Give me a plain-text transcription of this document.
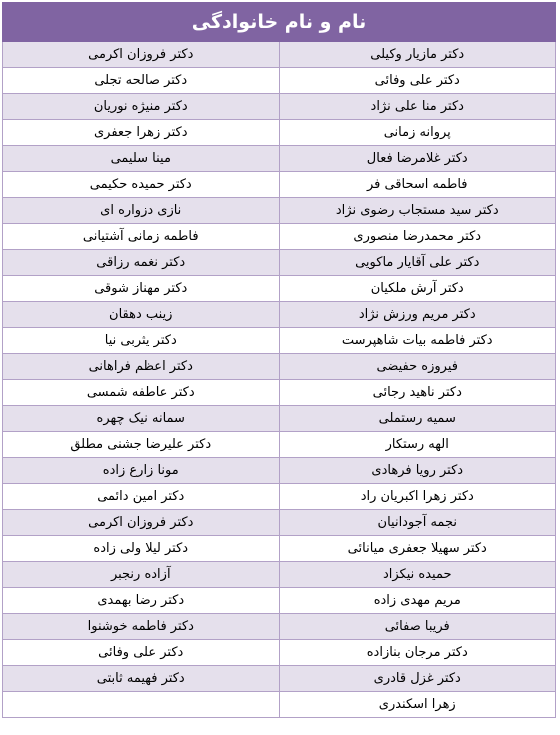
نام و نام خانوادگی	
دکتر مازیار وکیلی	دکتر فروزان اکرمی
دکتر علی وفائی	دکتر صالحه تجلی
دکتر منا علی نژاد	دکتر منیژه نوریان
پروانه زمانی	دکتر زهرا جعفری
دکتر غلامرضا فعال	مینا سلیمی
فاطمه اسحاقی فر	دکتر حمیده حکیمی
دکتر سید مستجاب رضوی نژاد	نازی دزواره ای
دکتر محمدرضا منصوری	فاطمه زمانی آشتیانی
دکتر علی آقایار ماکویی	دکتر نغمه رزاقی
دکتر آرش ملکیان	دکتر مهناز شوقی
دکتر مریم ورزش نژاد	زینب دهقان
دکتر فاطمه بیات شاهپرست	دکتر یثربی نیا
فیروزه حفیضی	دکتر اعظم فراهانی
دکتر ناهید رجائی	دکتر عاطفه شمسی
سمیه رستملی	سمانه نیک چهره
الهه رستکار	دکتر علیرضا جشنی مطلق
دکتر رویا فرهادی	مونا زارع زاده
دکتر زهرا اکبریان راد	دکتر امین دائمی
نجمه آجودانیان	دکتر فروزان اکرمی
دکتر سهیلا جعفری میانائی	دکتر لیلا ولی زاده
حمیده نیکزاد	آزاده رنجبر
مریم مهدی زاده	دکتر رضا بهمدی
فریبا صفائی	دکتر فاطمه خوشنوا
دکتر مرجان بنازاده	دکتر علی وفائی
دکتر غزل قادری	دکتر فهیمه ثابتی
زهرا اسکندری	
